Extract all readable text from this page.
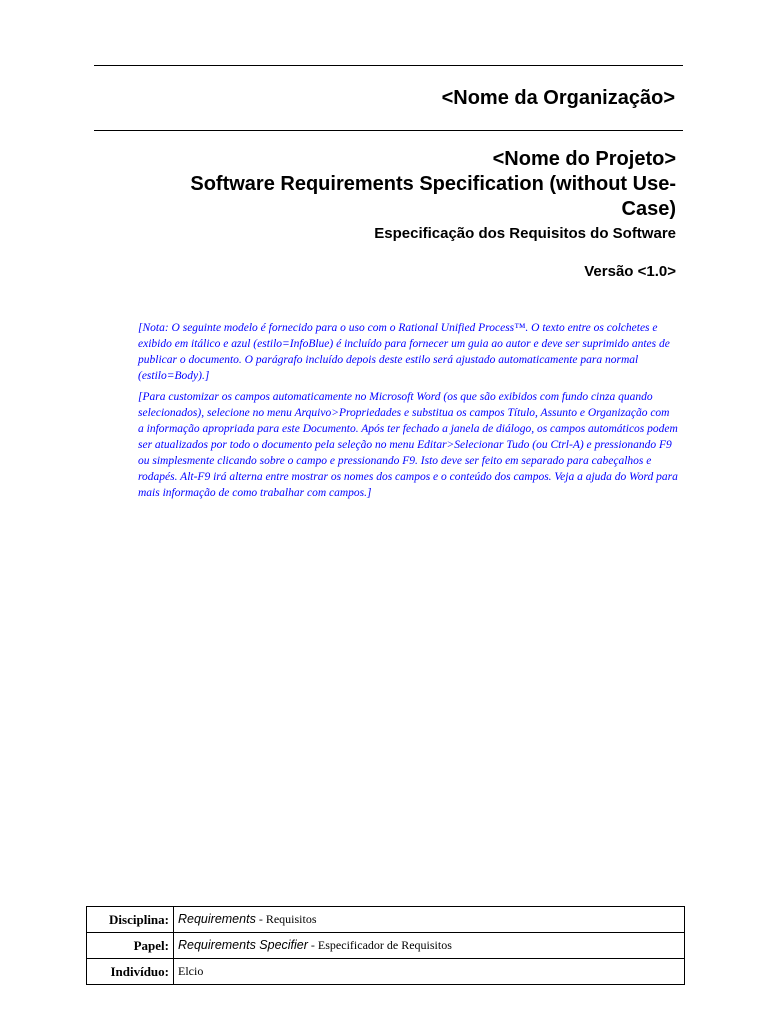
<Nome da Organização>
<Nome do Projeto>
Software Requirements Specification (without Use-
Case)
Especificação dos Requisitos do Software
Versão <1.0>

[Nota: O seguinte modelo é fornecido para o uso com o Rational Unified Process™. O texto entre os colchetes e exibido em itálico e azul (estilo=InfoBlue) é incluído para fornecer um guia ao autor e deve ser suprimido antes de publicar o documento. O parágrafo incluído depois deste estilo será ajustado automaticamente para normal (estilo=Body).]

[Para customizar os campos automaticamente no Microsoft Word (os que são exibidos com fundo cinza quando selecionados), selecione no menu Arquivo>Propriedades e substitua os campos Título, Assunto e Organização com a informação apropriada para este Documento. Após ter fechado a janela de diálogo, os campos automáticos podem ser atualizados por todo o documento pela seleção no menu Editar>Selecionar Tudo (ou Ctrl-A) e pressionando F9 ou simplesmente clicando sobre o campo e pressionando F9. Isto deve ser feito em separado para cabeçalhos e rodapés. Alt-F9 irá alterna entre mostrar os nomes dos campos e o conteúdo dos campos. Veja a ajuda do Word para mais informação de como trabalhar com campos.]

Disciplina:	Requirements - Requisitos
Papel:	Requirements Specifier - Especificador de Requisitos
Indivíduo:	Elcio
